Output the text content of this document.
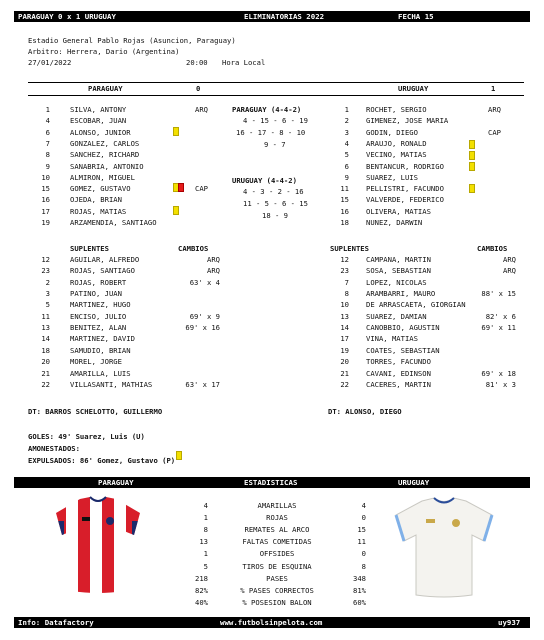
PARAGUAY 0 x 1 URUGUAY	ELIMINATORIAS 2022	FECHA 15
Estadio General Pablo Rojas (Asuncion, Paraguay)
Arbitro: Herrera, Dario (Argentina)
27/01/2022	20:00 Hora Local
PARAGUAY	0	URUGUAY	1
1	SILVA, ANTONY	ARQ
4	ESCOBAR, JUAN
6	ALONSO, JUNIOR
7	GONZALEZ, CARLOS
8	SANCHEZ, RICHARD
9	SANABRIA, ANTONIO
10	ALMIRON, MIGUEL
15	GOMEZ, GUSTAVO	CAP
16	OJEDA, BRIAN
17	ROJAS, MATIAS
19	ARZAMENDIA, SANTIAGO
1 ROCHET, SERGIO	ARQ
2 GIMENEZ, JOSE MARIA
3 GODIN, DIEGO	CAP
4 ARAUJO, RONALD
5 VECINO, MATIAS
6 BENTANCUR, RODRIGO
9 SUAREZ, LUIS
11 PELLISTRI, FACUNDO
15 VALVERDE, FEDERICO
16 OLIVERA, MATIAS
18 NUNEZ, DARWIN
PARAGUAY (4-4-2)
4 - 15 - 6 - 19
16 - 17 - 8 - 10
9 - 7
URUGUAY (4-4-2)
4 - 3 - 2 - 16
11 - 5 - 6 - 15
18 - 9
SUPLENTES	CAMBIOS	SUPLENTES	CAMBIOS
12	AGUILAR, ALFREDO	ARQ
23	ROJAS, SANTIAGO	ARQ
2	ROJAS, ROBERT	63' x 4
3	PATINO, JUAN
5	MARTINEZ, HUGO
11	ENCISO, JULIO	69' x 9
13	BENITEZ, ALAN	69' x 16
14	MARTINEZ, DAVID
18	SAMUDIO, BRIAN
20	MOREL, JORGE
21	AMARILLA, LUIS
22	VILLASANTI, MATHIAS	63' x 17
12 CAMPANA, MARTIN	ARQ
23 SOSA, SEBASTIAN	ARQ
7 LOPEZ, NICOLAS
8 ARAMBARRI, MAURO	88' x 15
10 DE ARRASCAETA, GIORGIAN
13 SUAREZ, DAMIAN	82' x 6
14 CANOBBIO, AGUSTIN	69' x 11
17 VINA, MATIAS
19 COATES, SEBASTIAN
20 TORRES, FACUNDO
21 CAVANI, EDINSON	69' x 18
22 CACERES, MARTIN	81' x 3
DT: BARROS SCHELOTTO, GUILLERMO	DT: ALONSO, DIEGO
GOLES: 49' Suarez, Luis (U)
AMONESTADOS:
EXPULSADOS: 86' Gomez, Gustavo (P)
PARAGUAY	ESTADISTICAS	URUGUAY
4	AMARILLAS	4
1	ROJAS	0
8	REMATES AL ARCO	15
13	FALTAS COMETIDAS	11
1	OFFSIDES	0
5	TIROS DE ESQUINA	8
218	PASES	348
82%	% PASES CORRECTOS	81%
40%	% POSESION BALON	60%
Info: Datafactory	www.futbolsinpelota.com	uy937
